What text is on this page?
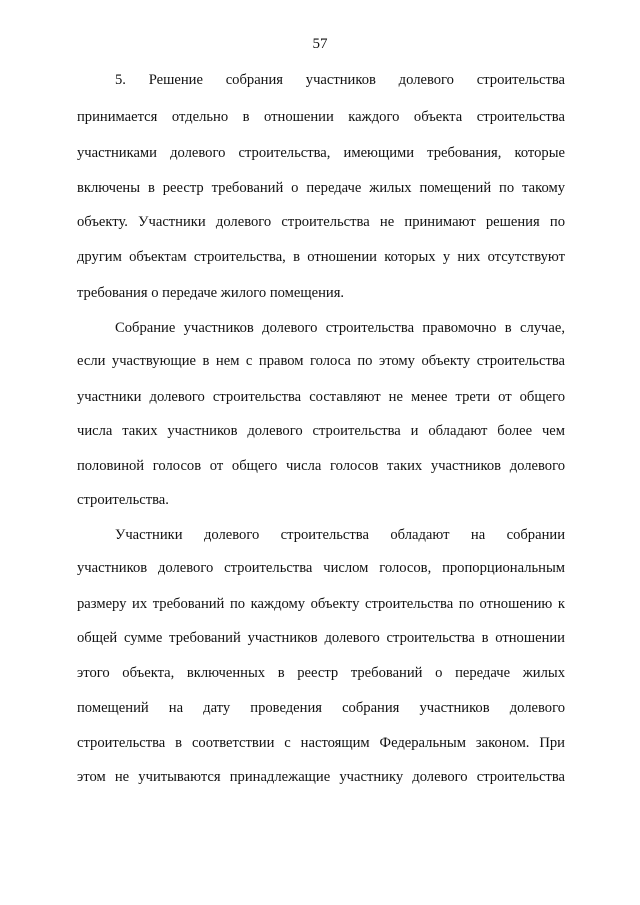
57
5. Решение собрания участников долевого строительства
принимается отдельно в отношении каждого объекта строительства
участниками долевого строительства, имеющими требования, которые
включены в реестр требований о передаче жилых помещений по такому
объекту. Участники долевого строительства не принимают решения по
другим объектам строительства, в отношении которых у них отсутствуют
требования о передаче жилого помещения.
Собрание участников долевого строительства правомочно в случае,
если участвующие в нем с правом голоса по этому объекту строительства
участники долевого строительства составляют не менее трети от общего
числа таких участников долевого строительства и обладают более чем
половиной голосов от общего числа голосов таких участников долевого
строительства.
Участники долевого строительства обладают на собрании
участников долевого строительства числом голосов, пропорциональным
размеру их требований по каждому объекту строительства по отношению к
общей сумме требований участников долевого строительства в отношении
этого объекта, включенных в реестр требований о передаче жилых
помещений на дату проведения собрания участников долевого
строительства в соответствии с настоящим Федеральным законом. При
этом не учитываются принадлежащие участнику долевого строительства
